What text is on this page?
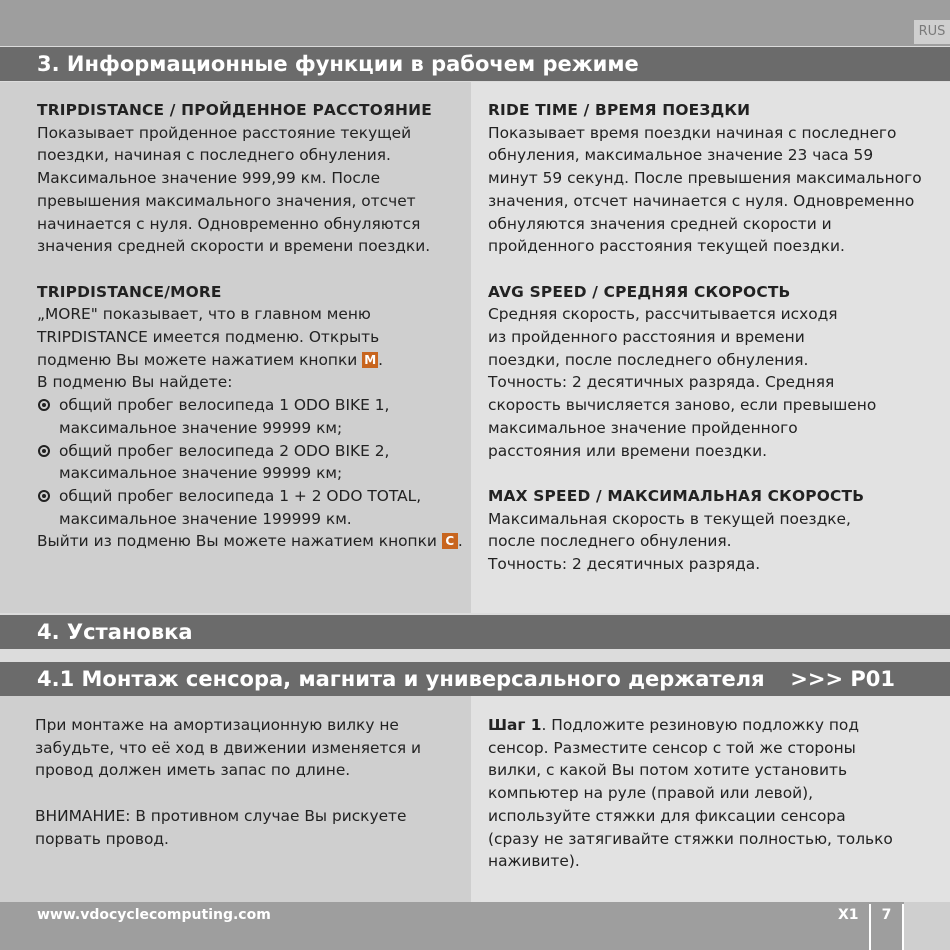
RUS
3. Информационные функции в рабочем режиме

TRIPDISTANCE / ПРОЙДЕННОЕ РАССТОЯНИЕ

Показывает пройденное расстояние текущей

поездки, начиная с последнего обнуления.

Максимальное значение 999,99 км. После

превышения максимального значения, отсчет

начинается с нуля. Одновременно обнуляются

значения средней скорости и времени поездки.

TRIPDISTANCE/MORE

„MORE" показывает, что в главном меню

TRIPDISTANCE имеется подменю. Открыть

подменю Вы можете нажатием кнопки M .

В подменю Вы найдете:

общий пробег велосипеда 1 ODO BIKE 1,

максимальное значение 99999 км;

общий пробег велосипеда 2 ODO BIKE 2,

максимальное значение 99999 км;

общий пробег велосипеда 1 + 2 ODO TOTAL,

максимальное значение 199999 км.

Выйти из подменю Вы можете нажатием кнопки C .

RIDE TIME / ВРЕМЯ ПОЕЗДКИ

Показывает время поездки начиная с последнего

обнуления, максимальное значение 23 часа 59

минут 59 секунд. После превышения максимального

значения, отсчет начинается с нуля. Одновременно

обнуляются значения средней скорости и

пройденного расстояния текущей поездки.

AVG SPEED / СРЕДНЯЯ СКОРОСТЬ

Средняя скорость, рассчитывается исходя

из пройденного расстояния и времени

поездки, после последнего обнуления.

Точность: 2 десятичных разряда. Средняя

скорость вычисляется заново, если превышено

максимальное значение пройденного

расстояния или времени поездки.

MAX SPEED / МАКСИМАЛЬНАЯ СКОРОСТЬ

Максимальная скорость в текущей поездке,

после последнего обнуления.

Точность: 2 десятичных разряда.

4. Установка
4.1 Монтаж сенсора, магнита и универсального держателя >>> P01

При монтаже на амортизационную вилку не

забудьте, что её ход в движении изменяется и

провод должен иметь запас по длине.

ВНИМАНИЕ: В противном случае Вы рискуете

порвать провод.

Шаг 1. Подложите резиновую подложку под

сенсор. Разместите сенсор с той же стороны

вилки, с какой Вы потом хотите установить

компьютер на руле (правой или левой),

используйте стяжки для фиксации сенсора

(сразу не затягивайте стяжки полностью, только

наживите).

www.vdocyclecomputing.com	X1	7
